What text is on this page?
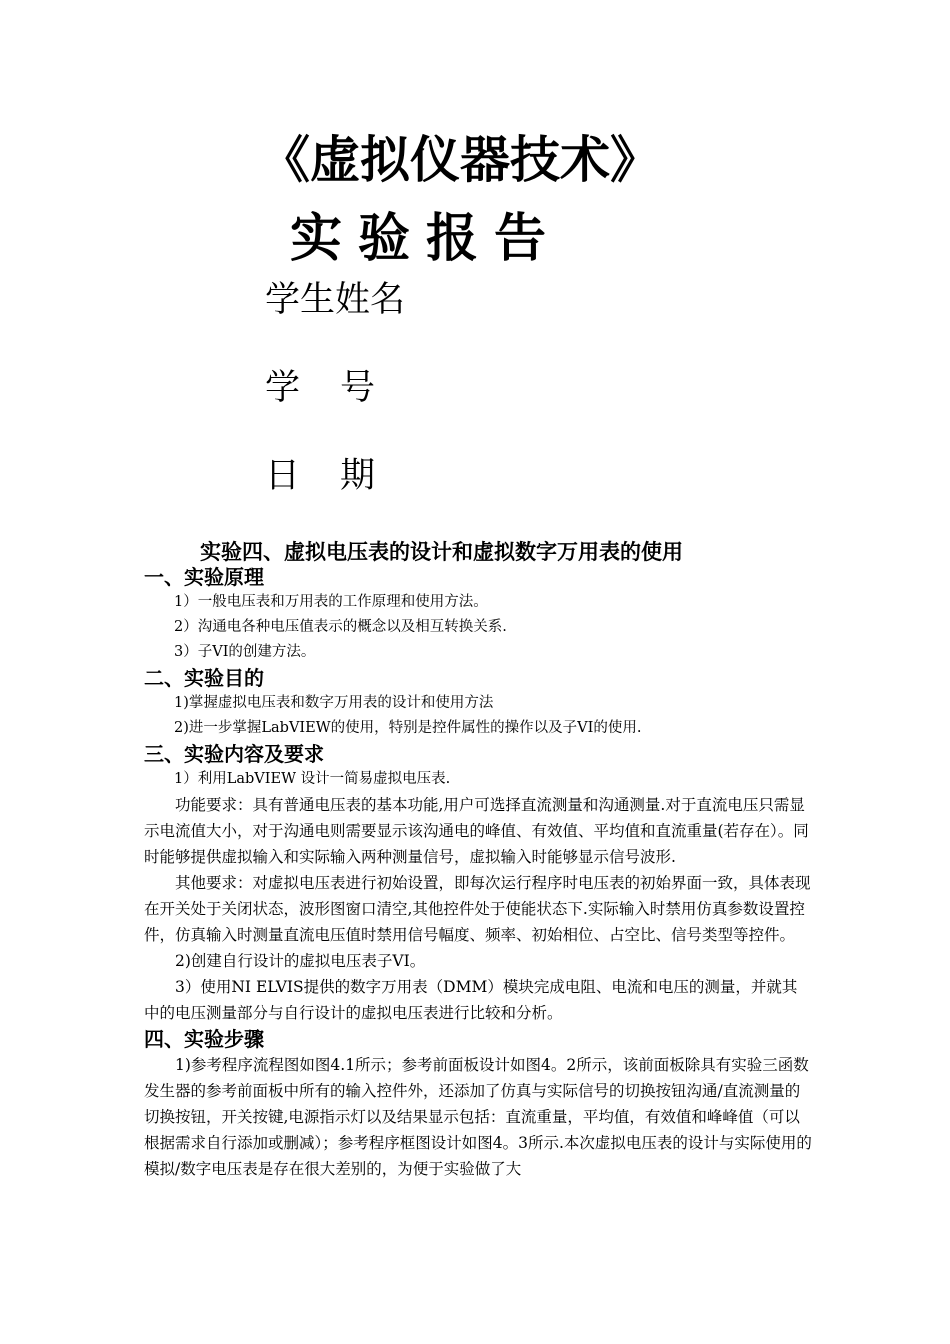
《虚拟仪器技术》
实验报告
学生姓名
学号
日期
实验四、虚拟电压表的设计和虚拟数字万用表的使用

一、实验原理

1）一般电压表和万用表的工作原理和使用方法。

2）沟通电各种电压值表示的概念以及相互转换关系.

3）子VI的创建方法。

二、实验目的

1)掌握虚拟电压表和数字万用表的设计和使用方法

2)进一步掌握LabVIEW的使用，特别是控件属性的操作以及子VI的使用.

三、实验内容及要求

1）利用LabVIEW 设计一简易虚拟电压表.

功能要求：具有普通电压表的基本功能,用户可选择直流测量和沟通测量.对于直流电压只需显示电流值大小，对于沟通电则需要显示该沟通电的峰值、有效值、平均值和直流重量(若存在）。同时能够提供虚拟输入和实际输入两种测量信号，虚拟输入时能够显示信号波形.

其他要求：对虚拟电压表进行初始设置，即每次运行程序时电压表的初始界面一致，具体表现在开关处于关闭状态，波形图窗口清空,其他控件处于使能状态下.实际输入时禁用仿真参数设置控件，仿真输入时测量直流电压值时禁用信号幅度、频率、初始相位、占空比、信号类型等控件。

2)创建自行设计的虚拟电压表子VI。

3）使用NI ELVIS提供的数字万用表（DMM）模块完成电阻、电流和电压的测量，并就其中的电压测量部分与自行设计的虚拟电压表进行比较和分析。

四、实验步骤

1)参考程序流程图如图4.1所示；参考前面板设计如图4。2所示，该前面板除具有实验三函数发生器的参考前面板中所有的输入控件外，还添加了仿真与实际信号的切换按钮沟通/直流测量的切换按钮，开关按键,电源指示灯以及结果显示包括：直流重量，平均值，有效值和峰峰值（可以根据需求自行添加或删减）；参考程序框图设计如图4。3所示.本次虚拟电压表的设计与实际使用的模拟/数字电压表是存在很大差别的，为便于实验做了大
